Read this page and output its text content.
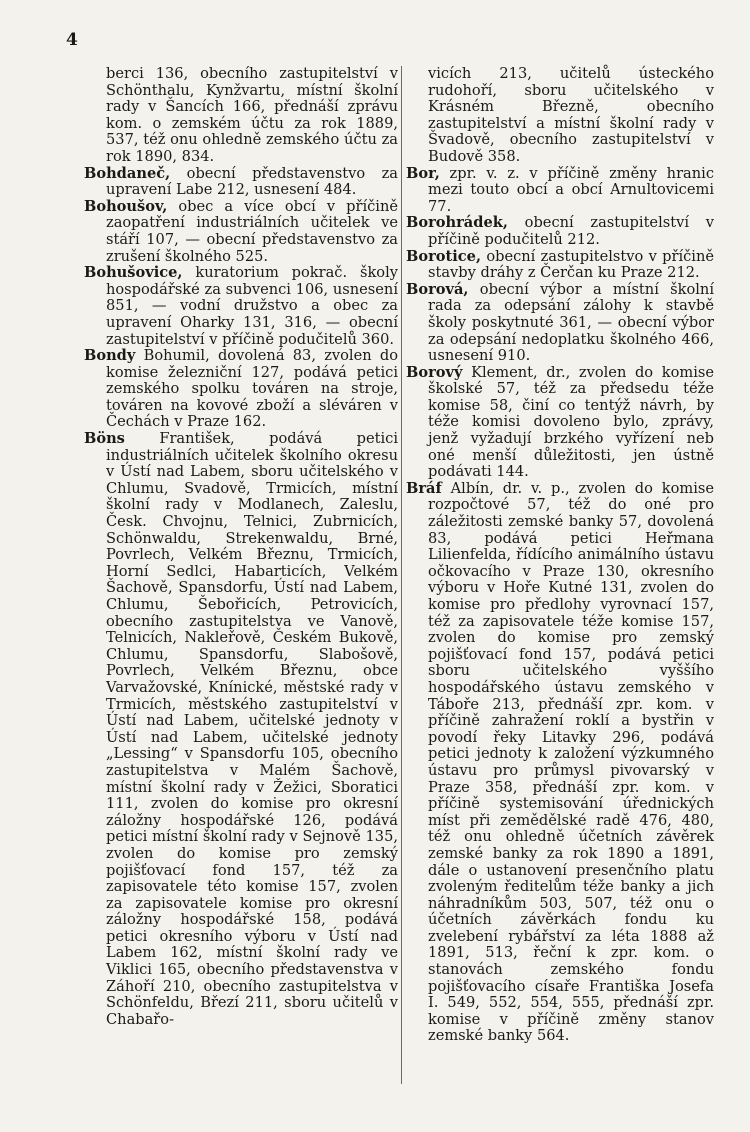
4

berci 136, obecního zastupitelství v Schönthalu, Kynžvartu, místní školní rady v Šancích 166, přednáší zprávu kom. o zemském účtu za rok 1889, 537, též onu ohledně zemského účtu za rok 1890, 834.

Bohdaneč, obecní představenstvo za upravení Labe 212, usnesení 484.

Bohoušov, obec a více obcí v příčině zaopatření industriálních učitelek ve stáří 107, — obecní představenstvo za zrušení školného 525.

Bohušovice, kuratorium pokrač. školy hospodářské za subvenci 106, usnesení 851, — vodní družstvo a obec za upravení Oharky 131, 316, — obecní zastupitelství v příčině podučitelů 360.

Bondy Bohumil, dovolená 83, zvolen do komise železniční 127, podává petici zemského spolku továren na stroje, továren na kovové zboží a sléváren v Čechách v Praze 162.

Böns František, podává petici industriálních učitelek školního okresu v Ústí nad Labem, sboru učitelského v Chlumu, Svadově, Trmicích, místní školní rady v Modlanech, Zaleslu, Česk. Chvojnu, Telnici, Zubrnicích, Schönwaldu, Strekenwaldu, Brné, Povrlech, Velkém Březnu, Trmicích, Horní Sedlci, Habarticích, Velkém Šachově, Spansdorfu, Ústí nad Labem, Chlumu, Šebořicích, Petrovicích, obecního zastupitelstva ve Vanově, Telnicích, Nakleřově, Českém Bukově, Chlumu, Spansdorfu, Slabošově, Povrlech, Velkém Březnu, obce Varvažovské, Knínické, městské rady v Trmicích, městského zastupitelství v Ústí nad Labem, učitelské jednoty v Ústí nad Labem, učitelské jednoty „Lessing“ v Spansdorfu 105, obecního zastupitelstva v Malém Šachově, místní školní rady v Žežici, Sboratici 111, zvolen do komise pro okresní záložny hospodářské 126, podává petici místní školní rady v Sejnově 135, zvolen do komise pro zemský pojišťovací fond 157, též za zapisovatele této komise 157, zvolen za zapisovatele komise pro okresní záložny hospodářské 158, podává petici okresního výboru v Ústí nad Labem 162, místní školní rady ve Viklici 165, obecního představenstva v Záhoří 210, obecního zastupitelstva v Schönfeldu, Březí 211, sboru učitelů v Chabařo-

vicích 213, učitelů ústeckého rudohoří, sboru učitelského v Krásném Březně, obecního zastupitelství a místní školní rady v Švadově, obecního zastupitelství v Budově 358.

Bor, zpr. v. z. v příčině změny hranic mezi touto obcí a obcí Arnultovicemi 77.

Borohrádek, obecní zastupitelství v příčině podučitelů 212.

Borotice, obecní zastupitelstvo v příčině stavby dráhy z Čerčan ku Praze 212.

Borová, obecní výbor a místní školní rada za odepsání zálohy k stavbě školy poskytnuté 361, — obecní výbor za odepsání nedoplatku školného 466, usnesení 910.

Borový Klement, dr., zvolen do komise školské 57, též za předsedu téže komise 58, činí co tentýž návrh, by téže komisi dovoleno bylo, zprávy, jenž vyžadují brzkého vyřízení neb oné menší důležitosti, jen ústně podávati 144.

Bráf Albín, dr. v. p., zvolen do komise rozpočtové 57, též do oné pro záležitosti zemské banky 57, dovolená 83, podává petici Heřmana Lilienfelda, řídícího animálního ústavu očkovacího v Praze 130, okresního výboru v Hoře Kutné 131, zvolen do komise pro předlohy vyrovnací 157, též za zapisovatele téže komise 157, zvolen do komise pro zemský pojišťovací fond 157, podává petici sboru učitelského vyššího hospodářského ústavu zemského v Táboře 213, přednáší zpr. kom. v příčině zahražení roklí a bystřin v povodí řeky Litavky 296, podává petici jednoty k založení výzkumného ústavu pro průmysl pivovarský v Praze 358, přednáší zpr. kom. v příčině systemisování úřednických míst při zemědělské radě 476, 480, též onu ohledně účetních závěrek zemské banky za rok 1890 a 1891, dále o ustanovení presenčního platu zvoleným ředitelům téže banky a jich náhradníkům 503, 507, též onu o účetních závěrkách fondu ku zvelebení rybářství za léta 1888 až 1891, 513, řeční k zpr. kom. o stanovách zemského fondu pojišťovacího císaře Františka Josefa I. 549, 552, 554, 555, přednáší zpr. komise v příčině změny stanov zemské banky 564.
